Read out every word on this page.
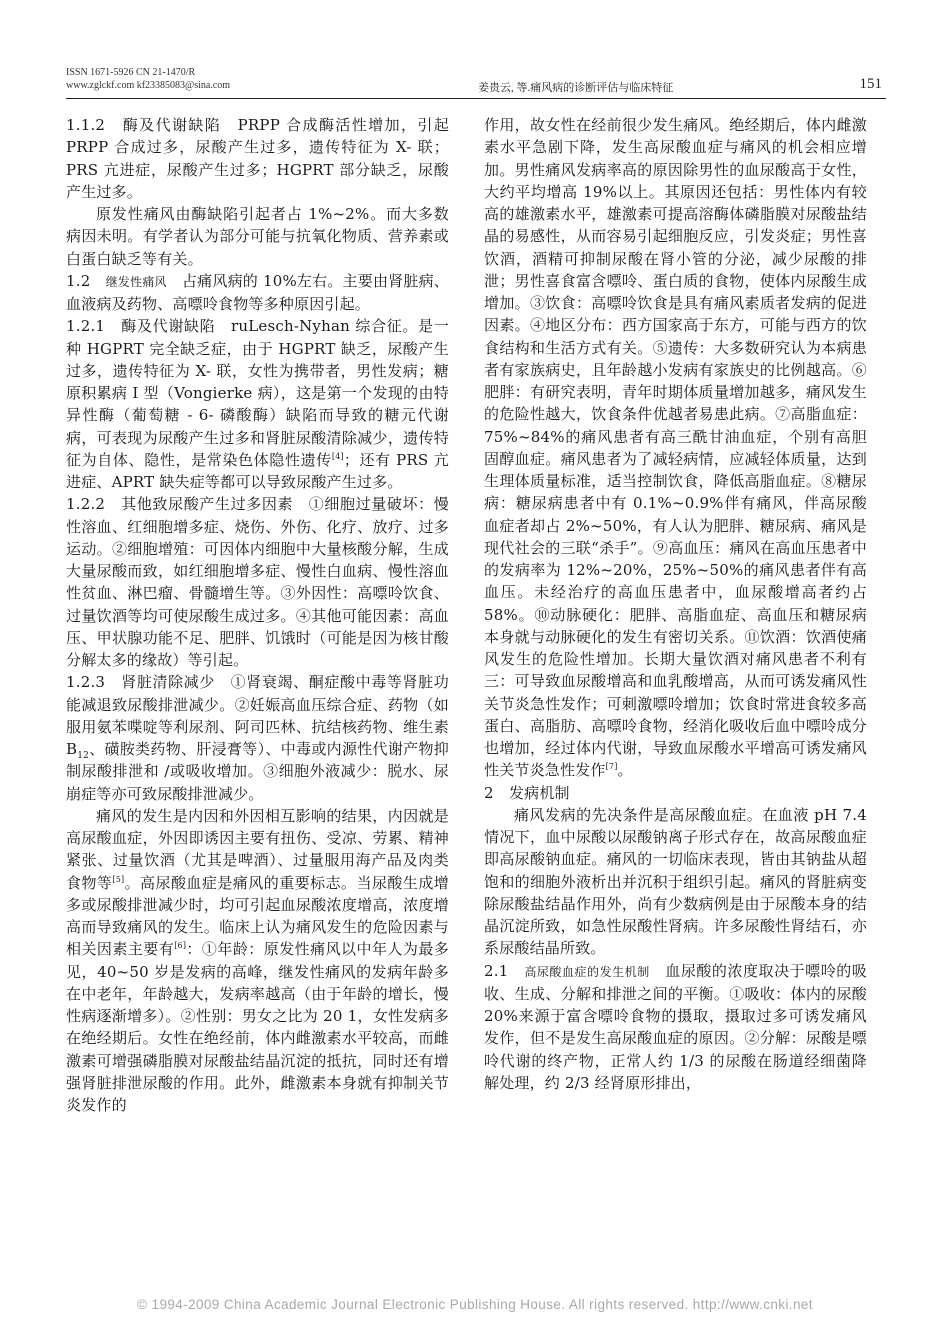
ISSN 1671-5926 CN 21-1470/R
www.zglckf.com kf23385083@sina.com	姜贵云, 等.痛风病的诊断评估与临床特征	151

1.1.2　酶及代谢缺陷　PRPP 合成酶活性增加，引起 PRPP 合成过多，尿酸产生过多，遗传特征为 X- 联；PRS 亢进症，尿酸产生过多；HGPRT 部分缺乏，尿酸产生过多。

原发性痛风由酶缺陷引起者占 1%~2%。而大多数病因未明。有学者认为部分可能与抗氧化物质、营养素或白蛋白缺乏等有关。

1.2　继发性痛风　占痛风病的 10%左右。主要由肾脏病、血液病及药物、高嘌呤食物等多种原因引起。

1.2.1　酶及代谢缺陷　ruLesch-Nyhan 综合征。是一种 HGPRT 完全缺乏症，由于 HGPRT 缺乏，尿酸产生过多，遗传特征为 X- 联，女性为携带者，男性发病；糖原积累病 I 型（Vongierke 病），这是第一个发现的由特异性酶（葡萄糖 - 6- 磷酸酶）缺陷而导致的糖元代谢病，可表现为尿酸产生过多和肾脏尿酸清除减少，遗传特征为自体、隐性，是常染色体隐性遗传[4]；还有 PRS 亢进症、APRT 缺失症等都可以导致尿酸产生过多。

1.2.2　其他致尿酸产生过多因素　①细胞过量破坏：慢性溶血、红细胞增多症、烧伤、外伤、化疗、放疗、过多运动。②细胞增殖：可因体内细胞中大量核酸分解，生成大量尿酸而致，如红细胞增多症、慢性白血病、慢性溶血性贫血、淋巴瘤、骨髓增生等。③外因性：高嘌呤饮食、过量饮酒等均可使尿酸生成过多。④其他可能因素：高血压、甲状腺功能不足、肥胖、饥饿时（可能是因为核甘酸分解太多的缘故）等引起。

1.2.3　肾脏清除减少　①肾衰竭、酮症酸中毒等肾脏功能减退致尿酸排泄减少。②妊娠高血压综合症、药物（如服用氨苯喋啶等利尿剂、阿司匹林、抗结核药物、维生素 $B_{12}$、磺胺类药物、肝浸膏等）、中毒或内源性代谢产物抑制尿酸排泄和 /或吸收增加。③细胞外液减少：脱水、尿崩症等亦可致尿酸排泄减少。

痛风的发生是内因和外因相互影响的结果，内因就是高尿酸血症，外因即诱因主要有扭伤、受凉、劳累、精神紧张、过量饮酒（尤其是啤酒）、过量服用海产品及肉类食物等[5]。高尿酸血症是痛风的重要标志。当尿酸生成增多或尿酸排泄减少时，均可引起血尿酸浓度增高，浓度增高而导致痛风的发生。临床上认为痛风发生的危险因素与相关因素主要有[6]：①年龄：原发性痛风以中年人为最多见，40~50 岁是发病的高峰，继发性痛风的发病年龄多在中老年，年龄越大，发病率越高（由于年龄的增长，慢性病逐渐增多）。②性别：男女之比为 20 1，女性发病多在绝经期后。女性在绝经前，体内雌激素水平较高，而雌激素可增强磷脂膜对尿酸盐结晶沉淀的抵抗，同时还有增强肾脏排泄尿酸的作用。此外，雌激素本身就有抑制关节炎发作的

作用，故女性在经前很少发生痛风。绝经期后，体内雌激素水平急剧下降，发生高尿酸血症与痛风的机会相应增加。男性痛风发病率高的原因除男性的血尿酸高于女性，大约平均增高 19%以上。其原因还包括：男性体内有较高的雄激素水平，雄激素可提高溶酶体磷脂膜对尿酸盐结晶的易感性，从而容易引起细胞反应，引发炎症；男性喜饮酒，酒精可抑制尿酸在肾小管的分泌，减少尿酸的排泄；男性喜食富含嘌呤、蛋白质的食物，使体内尿酸生成增加。③饮食：高嘌呤饮食是具有痛风素质者发病的促进因素。④地区分布：西方国家高于东方，可能与西方的饮食结构和生活方式有关。⑤遗传：大多数研究认为本病患者有家族病史，且年龄越小发病有家族史的比例越高。⑥肥胖：有研究表明，青年时期体质量增加越多，痛风发生的危险性越大，饮食条件优越者易患此病。⑦高脂血症：75%~84%的痛风患者有高三酰甘油血症，个别有高胆固醇血症。痛风患者为了减轻病情，应减轻体质量，达到生理体质量标准，适当控制饮食，降低高脂血症。⑧糖尿病：糖尿病患者中有 0.1%~0.9%伴有痛风，伴高尿酸血症者却占 2%~50%，有人认为肥胖、糖尿病、痛风是现代社会的三联“杀手”。⑨高血压：痛风在高血压患者中的发病率为 12%~20%，25%~50%的痛风患者伴有高血压。未经治疗的高血压患者中，血尿酸增高者约占 58%。⑩动脉硬化：肥胖、高脂血症、高血压和糖尿病本身就与动脉硬化的发生有密切关系。⑪饮酒：饮酒使痛风发生的危险性增加。长期大量饮酒对痛风患者不利有三：可导致血尿酸增高和血乳酸增高，从而可诱发痛风性关节炎急性发作；可刺激嘌呤增加；饮食时常进食较多高蛋白、高脂肪、高嘌呤食物，经消化吸收后血中嘌呤成分也增加，经过体内代谢，导致血尿酸水平增高可诱发痛风性关节炎急性发作[7]。

2　发病机制

痛风发病的先决条件是高尿酸血症。在血液 pH 7.4 情况下，血中尿酸以尿酸钠离子形式存在，故高尿酸血症即高尿酸钠血症。痛风的一切临床表现，皆由其钠盐从超饱和的细胞外液析出并沉积于组织引起。痛风的肾脏病变除尿酸盐结晶作用外，尚有少数病例是由于尿酸本身的结晶沉淀所致，如急性尿酸性肾病。许多尿酸性肾结石，亦系尿酸结晶所致。

2.1　高尿酸血症的发生机制　血尿酸的浓度取决于嘌呤的吸收、生成、分解和排泄之间的平衡。①吸收：体内的尿酸 20%来源于富含嘌呤食物的摄取，摄取过多可诱发痛风发作，但不是发生高尿酸血症的原因。②分解：尿酸是嘌呤代谢的终产物，正常人约 1/3 的尿酸在肠道经细菌降解处理，约 2/3 经肾原形排出，

© 1994-2009 China Academic Journal Electronic Publishing House. All rights reserved. http://www.cnki.net
